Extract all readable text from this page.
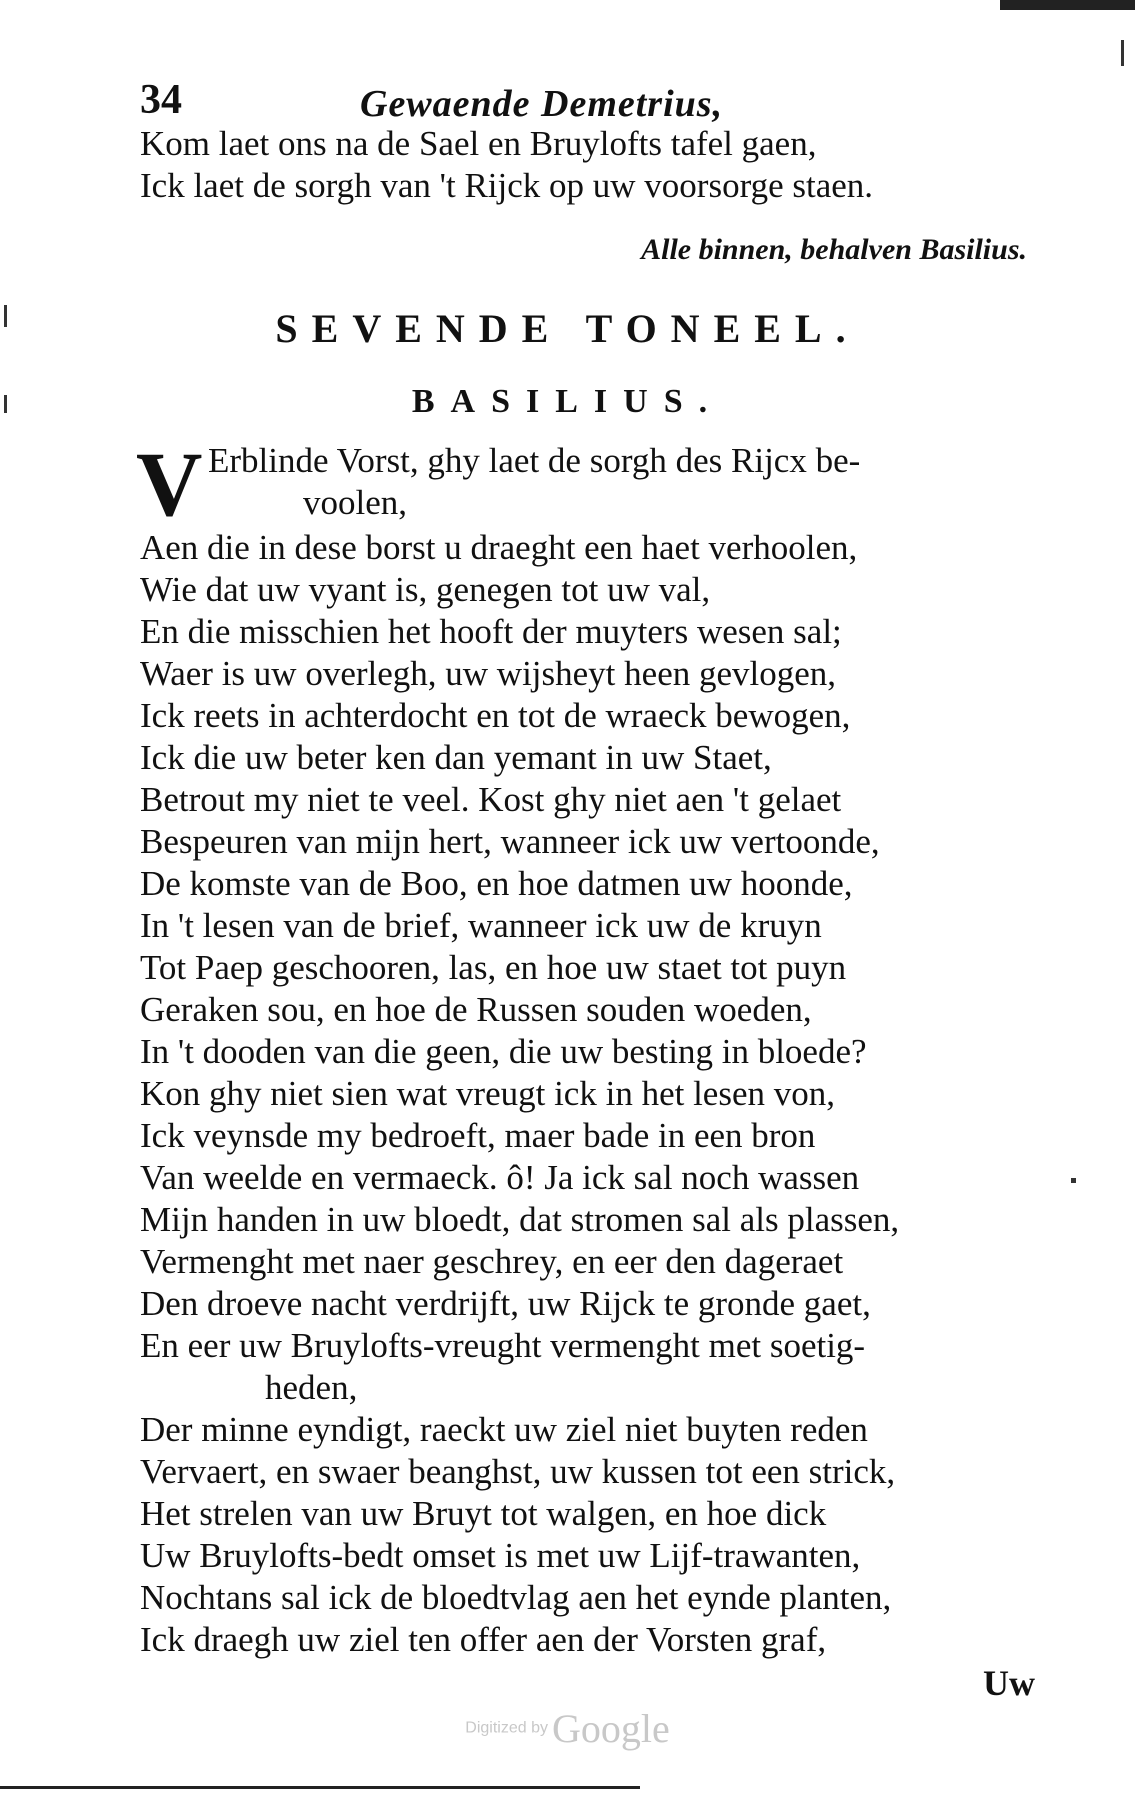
34	Gewaende Demetrius,
Kom laet ons na de Sael en Bruylofts tafel gaen,
Ick laet de sorgh van 't Rijck op uw voorsorge staen.
Alle binnen, behalven Basilius.
SEVENDE TONEEL.
BASILIUS.
V Erblinde Vorst, ghy laet de sorgh des Rijcx be-
voolen,
Aen die in dese borst u draeght een haet verhoolen,
Wie dat uw vyant is, genegen tot uw val,
En die misschien het hooft der muyters wesen sal;
Waer is uw overlegh, uw wijsheyt heen gevlogen,
Ick reets in achterdocht en tot de wraeck bewogen,
Ick die uw beter ken dan yemant in uw Staet,
Betrout my niet te veel. Kost ghy niet aen 't gelaet
Bespeuren van mijn hert, wanneer ick uw vertoonde,
De komste van de Boo, en hoe datmen uw hoonde,
In 't lesen van de brief, wanneer ick uw de kruyn
Tot Paep geschooren, las, en hoe uw staet tot puyn
Geraken sou, en hoe de Russen souden woeden,
In 't dooden van die geen, die uw besting in bloede?
Kon ghy niet sien wat vreugt ick in het lesen von,
Ick veynsde my bedroeft, maer bade in een bron
Van weelde en vermaeck. ô! Ja ick sal noch wassen
Mijn handen in uw bloedt, dat stromen sal als plassen,
Vermenght met naer geschrey, en eer den dageraet
Den droeve nacht verdrijft, uw Rijck te gronde gaet,
En eer uw Bruylofts-vreught vermenght met soetig-
heden,
Der minne eyndigt, raeckt uw ziel niet buyten reden
Vervaert, en swaer beanghst, uw kussen tot een strick,
Het strelen van uw Bruyt tot walgen, en hoe dick
Uw Bruylofts-bedt omset is met uw Lijf-trawanten,
Nochtans sal ick de bloedtvlag aen het eynde planten,
Ick draegh uw ziel ten offer aen der Vorsten graf,
Uw
Digitized by Google
